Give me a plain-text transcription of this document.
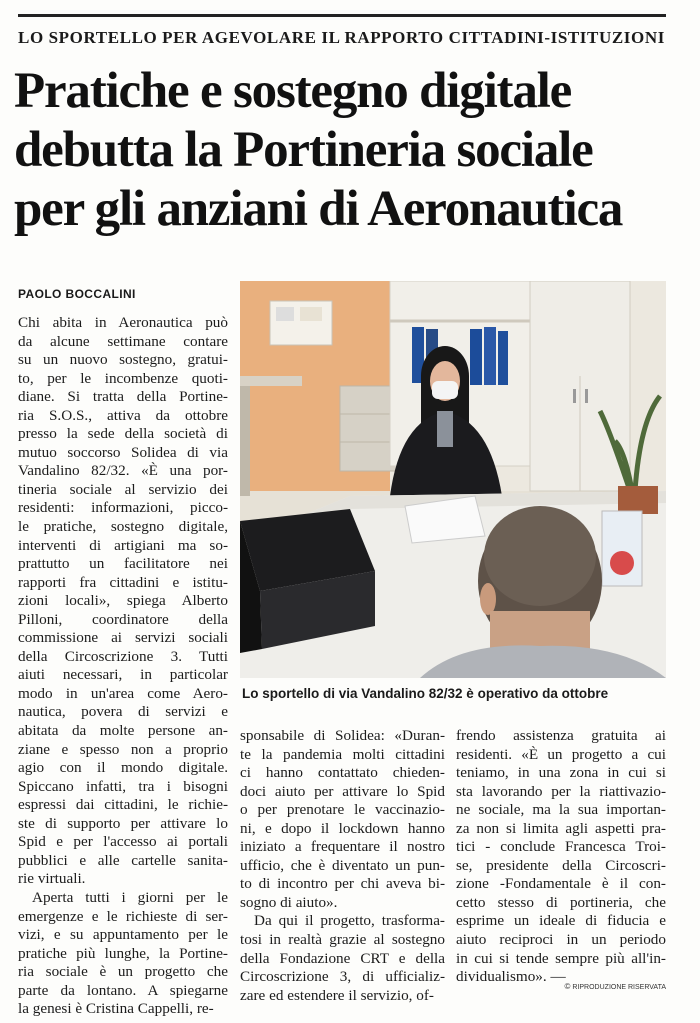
LO SPORTELLO PER AGEVOLARE IL RAPPORTO CITTADINI-ISTITUZIONI
Pratiche e sostegno digitale
debutta la Portineria sociale
per gli anziani di Aeronautica
PAOLO BOCCALINI
Chi abita in Aeronautica può
da alcune settimane contare
su un nuovo sostegno, gratui-
to, per le incombenze quoti-
diane. Si tratta della Portine-
ria S.O.S., attiva da ottobre
presso la sede della società di
mutuo soccorso Solidea di via
Vandalino 82/32. «È una por-
tineria sociale al servizio dei
residenti: informazioni, picco-
le pratiche, sostegno digitale,
interventi di artigiani ma so-
prattutto un facilitatore nei
rapporti fra cittadini e istitu-
zioni locali», spiega Alberto
Pilloni, coordinatore della
commissione ai servizi sociali
della Circoscrizione 3. Tutti
aiuti necessari, in particolar
modo in un'area come Aero-
nautica, povera di servizi e
abitata da molte persone an-
ziane e spesso non a proprio
agio con il mondo digitale.
Spiccano infatti, tra i bisogni
espressi dai cittadini, le richie-
ste di supporto per attivare lo
Spid e per l'accesso ai portali
pubblici e alle cartelle sanita-
rie virtuali.
Aperta tutti i giorni per le
emergenze e le richieste di ser-
vizi, e su appuntamento per le
pratiche più lunghe, la Portine-
ria sociale è un progetto che
parte da lontano. A spiegarne
la genesi è Cristina Cappelli, re-
sponsabile di Solidea: «Duran-
te la pandemia molti cittadini
ci hanno contattato chieden-
doci aiuto per attivare lo Spid
o per prenotare le vaccinazio-
ni, e dopo il lockdown hanno
iniziato a frequentare il nostro
ufficio, che è diventato un pun-
to di incontro per chi aveva bi-
sogno di aiuto».
Da qui il progetto, trasforma-
tosi in realtà grazie al sostegno
della Fondazione CRT e della
Circoscrizione 3, di ufficializ-
zare ed estendere il servizio, of-
frendo assistenza gratuita ai
residenti. «È un progetto a cui
teniamo, in una zona in cui si
sta lavorando per la riattivazio-
ne sociale, ma la sua importan-
za non si limita agli aspetti pra-
tici - conclude Francesca Troi-
se, presidente della Circoscri-
zione -Fondamentale è il con-
cetto stesso di portineria, che
esprime un ideale di fiducia e
aiuto reciproci in un periodo
in cui si tende sempre più all'in-
dividualismo». —
Lo sportello di via Vandalino 82/32 è operativo da ottobre
© RIPRODUZIONE RISERVATA
